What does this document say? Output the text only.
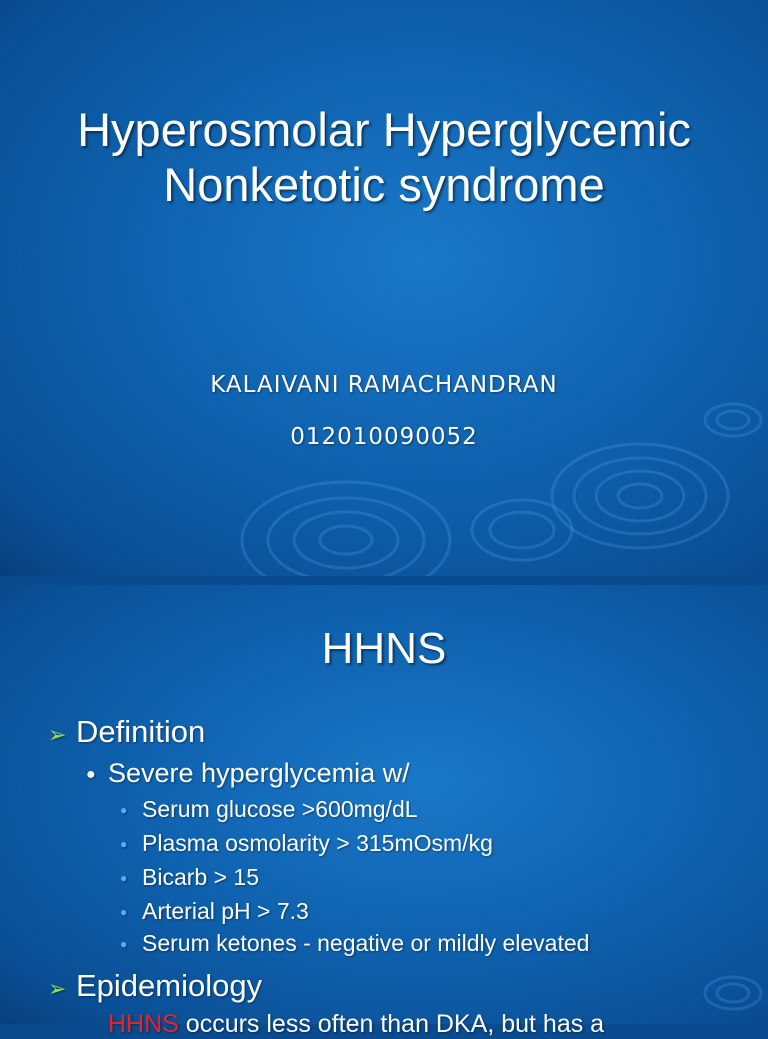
Hyperosmolar Hyperglycemic Nonketotic syndrome

KALAIVANI RAMACHANDRAN

012010090052

HHNS
➢ Definition
● Severe hyperglycemia w/
● Serum glucose >600mg/dL
● Plasma osmolarity > 315mOsm/kg
● Bicarb > 15
● Arterial pH > 7.3
● Serum ketones - negative or mildly elevated
➢ Epidemiology
HHNS occurs less often than DKA, but has a
